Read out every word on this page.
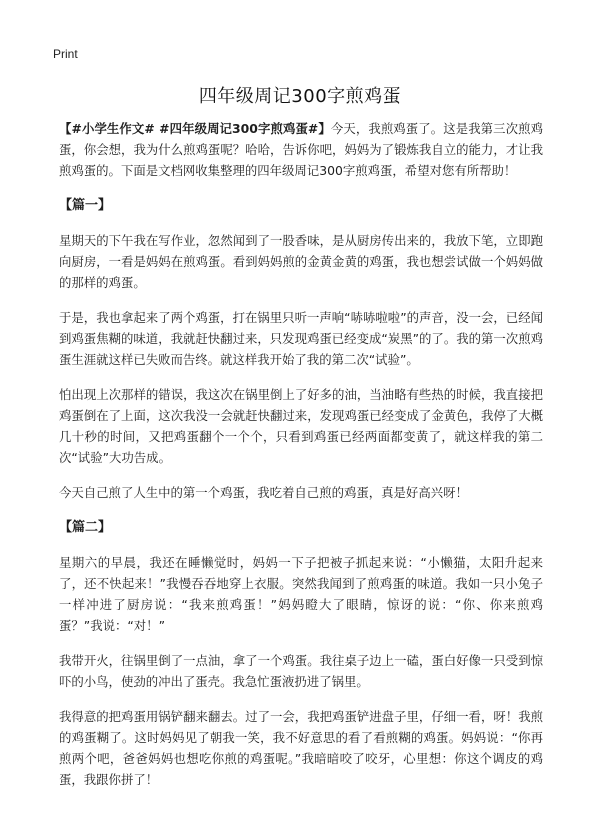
Print
四年级周记300字煎鸡蛋

【#小学生作文# #四年级周记300字煎鸡蛋#】今天，我煎鸡蛋了。这是我第三次煎鸡蛋，你会想，我为什么煎鸡蛋呢？哈哈，告诉你吧，妈妈为了锻炼我自立的能力，才让我煎鸡蛋的。下面是文档网收集整理的四年级周记300字煎鸡蛋，希望对您有所帮助！

【篇一】

星期天的下午我在写作业，忽然闻到了一股香味，是从厨房传出来的，我放下笔，立即跑向厨房，一看是妈妈在煎鸡蛋。看到妈妈煎的金黄金黄的鸡蛋，我也想尝试做一个妈妈做的那样的鸡蛋。

于是，我也拿起来了两个鸡蛋，打在锅里只听一声响“哧哧啦啦”的声音，没一会，已经闻到鸡蛋焦糊的味道，我就赶快翻过来，只发现鸡蛋已经变成“炭黑”的了。我的第一次煎鸡蛋生涯就这样已失败而告终。就这样我开始了我的第二次“试验”。

怕出现上次那样的错误，我这次在锅里倒上了好多的油，当油略有些热的时候，我直接把鸡蛋倒在了上面，这次我没一会就赶快翻过来，发现鸡蛋已经变成了金黄色，我停了大概几十秒的时间，又把鸡蛋翻个一个个，只看到鸡蛋已经两面都变黄了，就这样我的第二次“试验”大功告成。

今天自己煎了人生中的第一个鸡蛋，我吃着自己煎的鸡蛋，真是好高兴呀！

【篇二】

星期六的早晨，我还在睡懒觉时，妈妈一下子把被子抓起来说：“小懒猫，太阳升起来了，还不快起来！”我慢吞吞地穿上衣服。突然我闻到了煎鸡蛋的味道。我如一只小兔子一样冲进了厨房说：“我来煎鸡蛋！”妈妈瞪大了眼睛，惊讶的说：“你、你来煎鸡蛋？”我说：“对！”

我带开火，往锅里倒了一点油，拿了一个鸡蛋。我往桌子边上一磕，蛋白好像一只受到惊吓的小鸟，使劲的冲出了蛋壳。我急忙蛋液扔进了锅里。

我得意的把鸡蛋用锅铲翻来翻去。过了一会，我把鸡蛋铲进盘子里，仔细一看，呀！我煎的鸡蛋糊了。这时妈妈见了朝我一笑，我不好意思的看了看煎糊的鸡蛋。妈妈说：“你再煎两个吧，爸爸妈妈也想吃你煎的鸡蛋呢。”我暗暗咬了咬牙，心里想：你这个调皮的鸡蛋，我跟你拼了！
